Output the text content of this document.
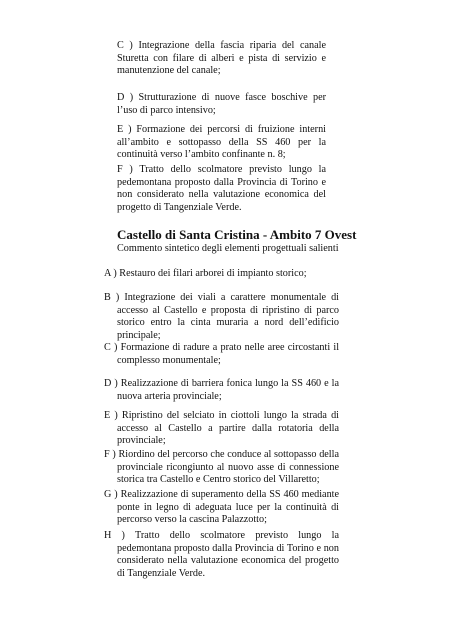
C ) Integrazione della fascia riparia del canale Sturetta con filare di alberi e pista di servizio e manutenzione del canale;

D ) Strutturazione di nuove fasce boschive per l’uso di parco intensivo;

E ) Formazione dei percorsi di fruizione interni all’ambito e sottopasso della SS 460 per la continuità verso l’ambito confinante n. 8;

F ) Tratto dello scolmatore previsto lungo la pedemontana proposto dalla Provincia di Torino e non considerato nella valutazione economica del progetto di Tangenziale Verde.

Castello di Santa Cristina - Ambito 7 Ovest

Commento sintetico degli elementi progettuali salienti

A ) Restauro dei filari arborei di impianto storico;

B ) Integrazione dei viali a carattere monumentale di accesso al Castello e proposta di ripristino di parco storico entro la cinta muraria a nord dell’edificio principale;

C ) Formazione di radure a prato nelle aree circostanti il complesso monumentale;

D ) Realizzazione di barriera fonica lungo la SS 460 e la nuova arteria provinciale;

E ) Ripristino del selciato in ciottoli lungo la strada di accesso al Castello a partire dalla rotatoria della provinciale;

F ) Riordino del percorso che conduce al sottopasso della provinciale ricongiunto al nuovo asse di connessione storica tra Castello e Centro storico del Villaretto;

G ) Realizzazione di superamento della SS 460 mediante ponte in legno di adeguata luce per la continuità di percorso verso la cascina Palazzotto;

H ) Tratto dello scolmatore previsto lungo la pedemontana proposto dalla Provincia di Torino e non considerato nella valutazione economica del progetto di Tangenziale Verde.
